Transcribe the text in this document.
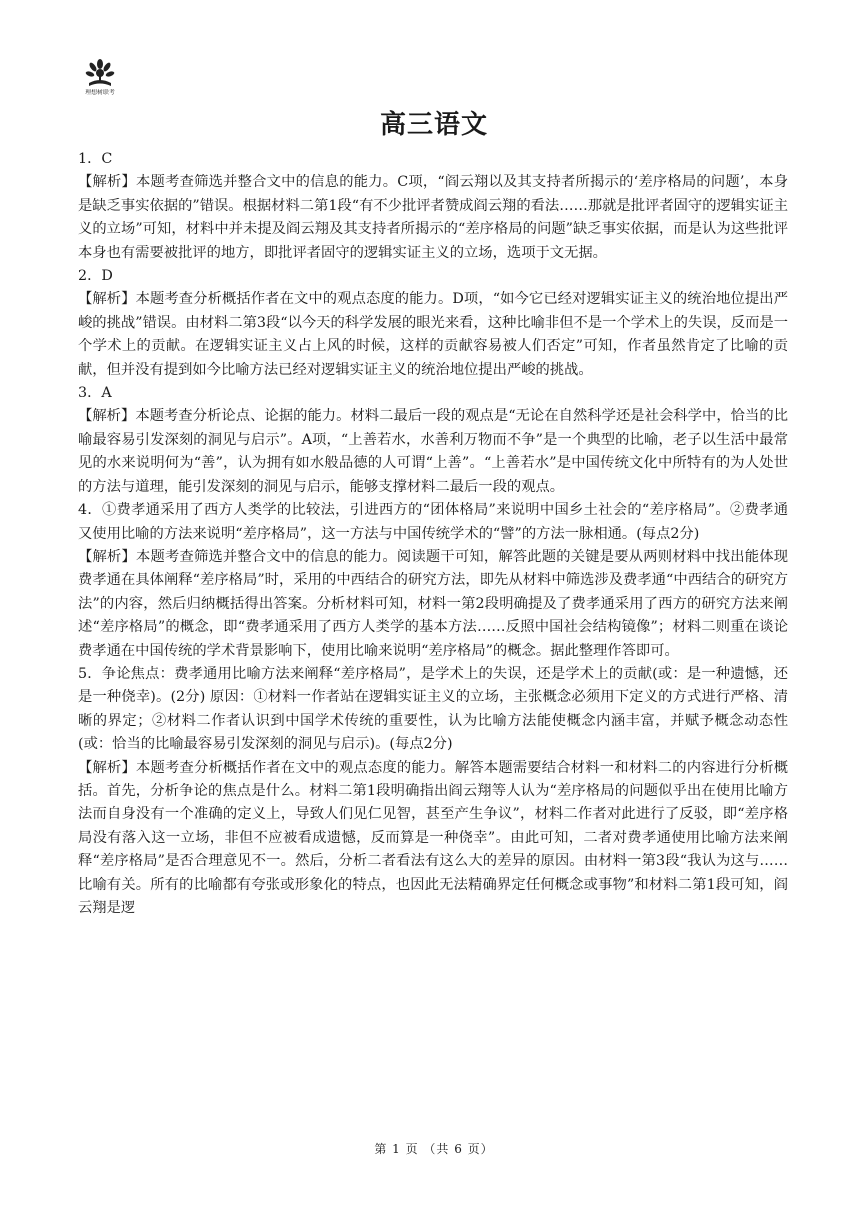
理想树联考
高三语文

1．C

【解析】本题考查筛选并整合文中的信息的能力。C项，“阎云翔以及其支持者所揭示的‘差序格局的问题’，本身是缺乏事实依据的”错误。根据材料二第1段“有不少批评者赞成阎云翔的看法……那就是批评者固守的逻辑实证主义的立场”可知，材料中并未提及阎云翔及其支持者所揭示的“差序格局的问题”缺乏事实依据，而是认为这些批评本身也有需要被批评的地方，即批评者固守的逻辑实证主义的立场，选项于文无据。

2．D

【解析】本题考查分析概括作者在文中的观点态度的能力。D项，“如今它已经对逻辑实证主义的统治地位提出严峻的挑战”错误。由材料二第3段“以今天的科学发展的眼光来看，这种比喻非但不是一个学术上的失误，反而是一个学术上的贡献。在逻辑实证主义占上风的时候，这样的贡献容易被人们否定”可知，作者虽然肯定了比喻的贡献，但并没有提到如今比喻方法已经对逻辑实证主义的统治地位提出严峻的挑战。

3．A

【解析】本题考查分析论点、论据的能力。材料二最后一段的观点是“无论在自然科学还是社会科学中，恰当的比喻最容易引发深刻的洞见与启示”。A项，“上善若水，水善利万物而不争”是一个典型的比喻，老子以生活中最常见的水来说明何为“善”，认为拥有如水般品德的人可谓“上善”。“上善若水”是中国传统文化中所特有的为人处世的方法与道理，能引发深刻的洞见与启示，能够支撑材料二最后一段的观点。

4．①费孝通采用了西方人类学的比较法，引进西方的“团体格局”来说明中国乡土社会的“差序格局”。②费孝通又使用比喻的方法来说明“差序格局”，这一方法与中国传统学术的“譬”的方法一脉相通。(每点2分)

【解析】本题考查筛选并整合文中的信息的能力。阅读题干可知，解答此题的关键是要从两则材料中找出能体现费孝通在具体阐释“差序格局”时，采用的中西结合的研究方法，即先从材料中筛选涉及费孝通“中西结合的研究方法”的内容，然后归纳概括得出答案。分析材料可知，材料一第2段明确提及了费孝通采用了西方的研究方法来阐述“差序格局”的概念，即“费孝通采用了西方人类学的基本方法……反照中国社会结构镜像”；材料二则重在谈论费孝通在中国传统的学术背景影响下，使用比喻来说明“差序格局”的概念。据此整理作答即可。

5．争论焦点：费孝通用比喻方法来阐释“差序格局”，是学术上的失误，还是学术上的贡献(或：是一种遗憾，还是一种侥幸)。(2分) 原因：①材料一作者站在逻辑实证主义的立场，主张概念必须用下定义的方式进行严格、清晰的界定；②材料二作者认识到中国学术传统的重要性，认为比喻方法能使概念内涵丰富，并赋予概念动态性(或：恰当的比喻最容易引发深刻的洞见与启示)。(每点2分)

【解析】本题考查分析概括作者在文中的观点态度的能力。解答本题需要结合材料一和材料二的内容进行分析概括。首先，分析争论的焦点是什么。材料二第1段明确指出阎云翔等人认为“差序格局的问题似乎出在使用比喻方法而自身没有一个准确的定义上，导致人们见仁见智，甚至产生争议”，材料二作者对此进行了反驳，即“差序格局没有落入这一立场，非但不应被看成遗憾，反而算是一种侥幸”。由此可知，二者对费孝通使用比喻方法来阐释“差序格局”是否合理意见不一。然后，分析二者看法有这么大的差异的原因。由材料一第3段“我认为这与……比喻有关。所有的比喻都有夸张或形象化的特点，也因此无法精确界定任何概念或事物”和材料二第1段可知，阎云翔是逻

第 1 页 （共 6 页）
